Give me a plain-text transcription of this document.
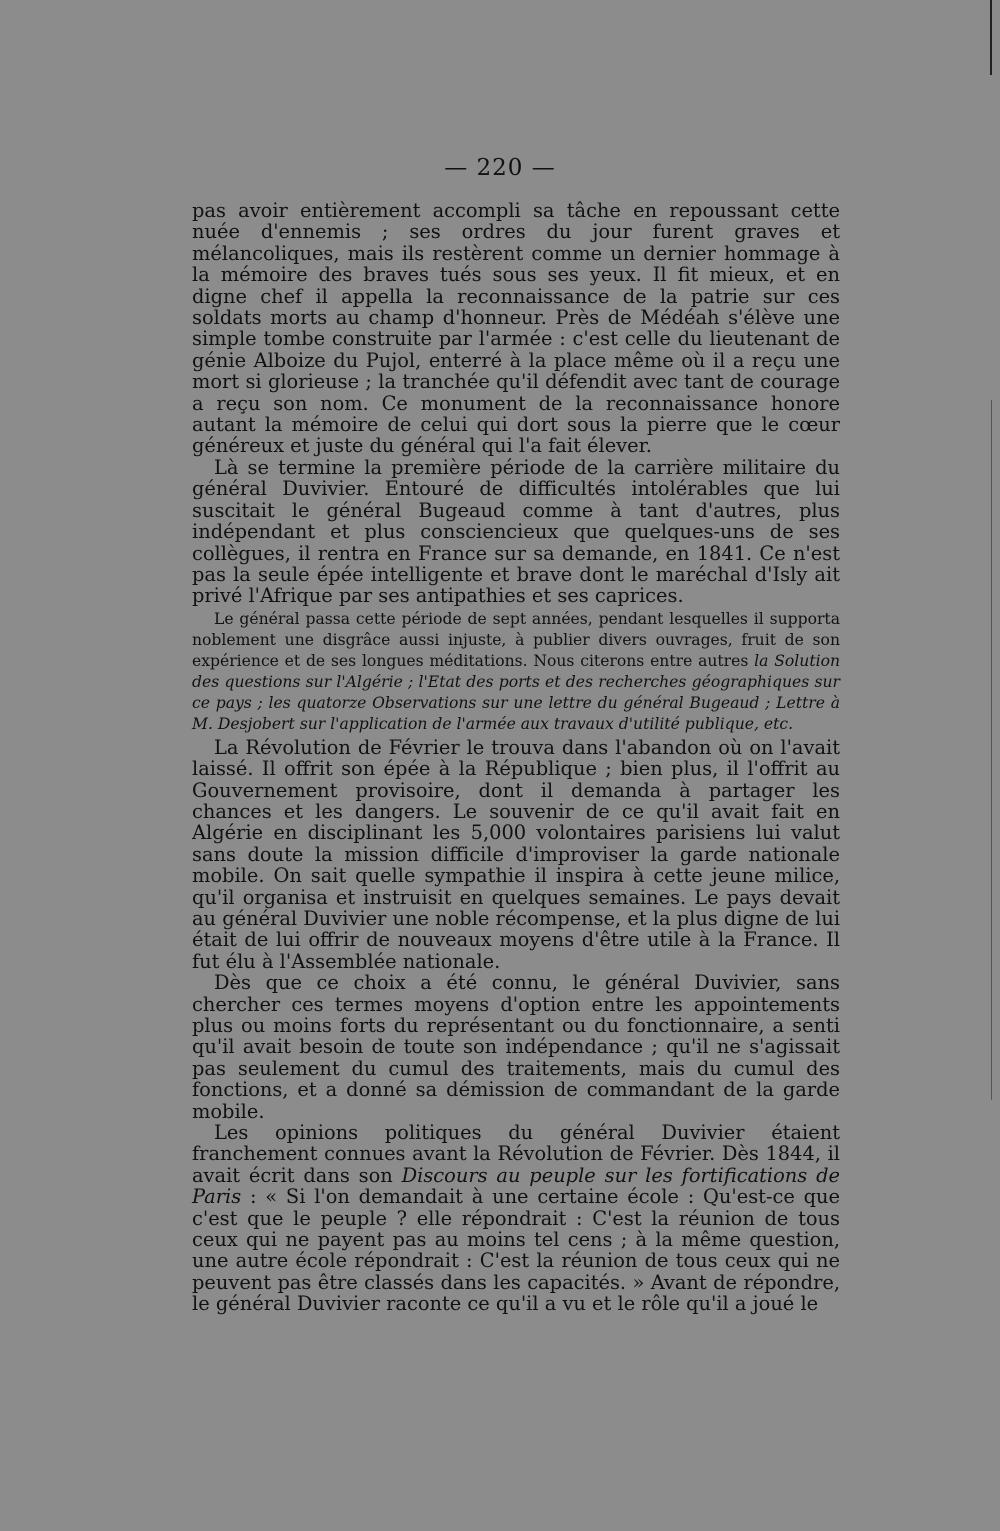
— 220 —

pas avoir entièrement accompli sa tâche en repoussant cette nuée d'ennemis ; ses ordres du jour furent graves et mélancoliques, mais ils restèrent comme un dernier hommage à la mémoire des braves tués sous ses yeux. Il fit mieux, et en digne chef il appella la reconnaissance de la patrie sur ces soldats morts au champ d'honneur. Près de Médéah s'élève une simple tombe construite par l'armée : c'est celle du lieutenant de génie Alboize du Pujol, enterré à la place même où il a reçu une mort si glorieuse ; la tranchée qu'il défendit avec tant de courage a reçu son nom. Ce monument de la reconnaissance honore autant la mémoire de celui qui dort sous la pierre que le cœur généreux et juste du général qui l'a fait élever.

Là se termine la première période de la carrière militaire du général Duvivier. Entouré de difficultés intolérables que lui suscitait le général Bugeaud comme à tant d'autres, plus indépendant et plus consciencieux que quelques-uns de ses collègues, il rentra en France sur sa demande, en 1841. Ce n'est pas la seule épée intelligente et brave dont le maréchal d'Isly ait privé l'Afrique par ses antipathies et ses caprices.

Le général passa cette période de sept années, pendant lesquelles il supporta noblement une disgrâce aussi injuste, à publier divers ouvrages, fruit de son expérience et de ses longues méditations. Nous citerons entre autres la Solution des questions sur l'Algérie ; l'Etat des ports et des recherches géographiques sur ce pays ; les quatorze Observations sur une lettre du général Bugeaud ; Lettre à M. Desjobert sur l'application de l'armée aux travaux d'utilité publique, etc.

La Révolution de Février le trouva dans l'abandon où on l'avait laissé. Il offrit son épée à la République ; bien plus, il l'offrit au Gouvernement provisoire, dont il demanda à partager les chances et les dangers. Le souvenir de ce qu'il avait fait en Algérie en disciplinant les 5,000 volontaires parisiens lui valut sans doute la mission difficile d'improviser la garde nationale mobile. On sait quelle sympathie il inspira à cette jeune milice, qu'il organisa et instruisit en quelques semaines. Le pays devait au général Duvivier une noble récompense, et la plus digne de lui était de lui offrir de nouveaux moyens d'être utile à la France. Il fut élu à l'Assemblée nationale.

Dès que ce choix a été connu, le général Duvivier, sans chercher ces termes moyens d'option entre les appointements plus ou moins forts du représentant ou du fonctionnaire, a senti qu'il avait besoin de toute son indépendance ; qu'il ne s'agissait pas seulement du cumul des traitements, mais du cumul des fonctions, et a donné sa démission de commandant de la garde mobile.

Les opinions politiques du général Duvivier étaient franchement connues avant la Révolution de Février. Dès 1844, il avait écrit dans son Discours au peuple sur les fortifications de Paris : « Si l'on demandait à une certaine école : Qu'est-ce que c'est que le peuple ? elle répondrait : C'est la réunion de tous ceux qui ne payent pas au moins tel cens ; à la même question, une autre école répondrait : C'est la réunion de tous ceux qui ne peuvent pas être classés dans les capacités. » Avant de répondre, le général Duvivier raconte ce qu'il a vu et le rôle qu'il a joué le
